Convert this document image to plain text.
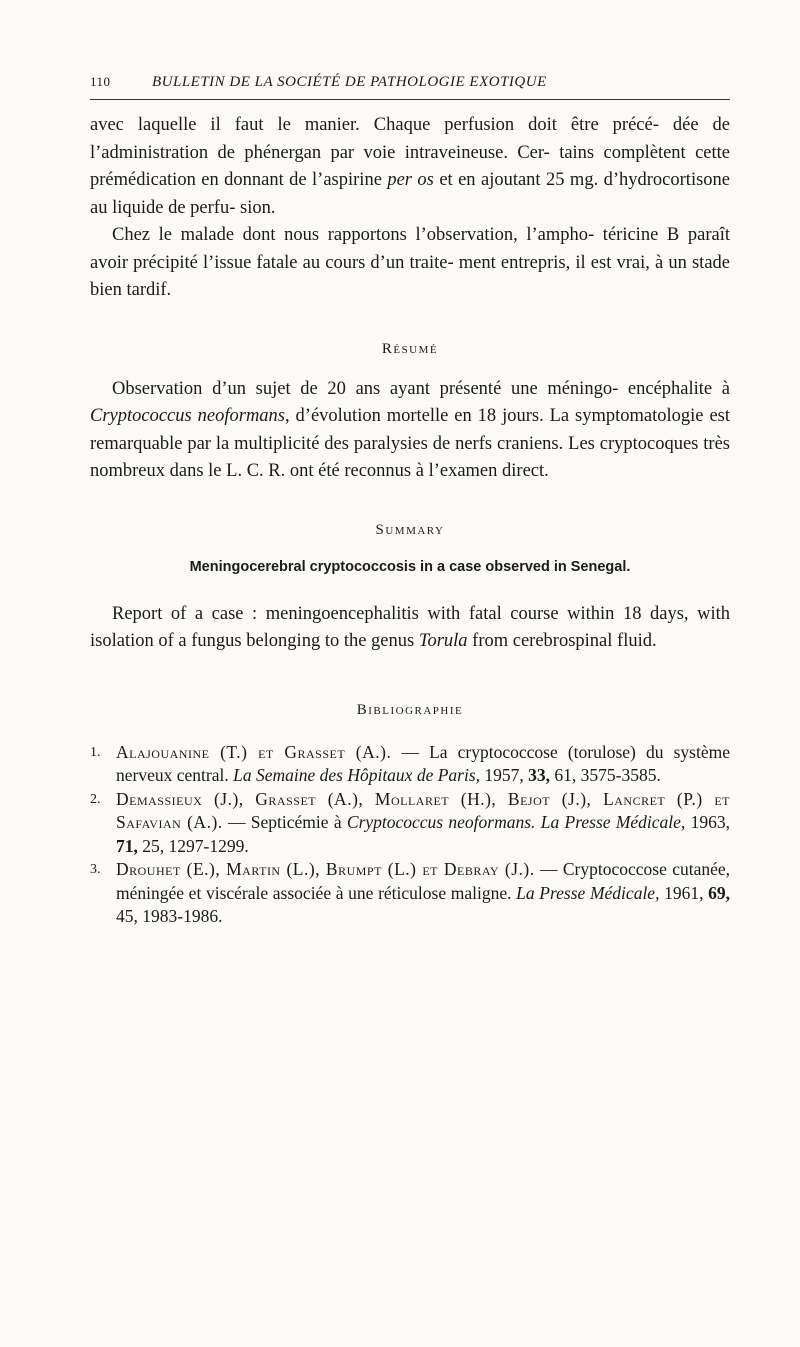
110	BULLETIN DE LA SOCIÉTÉ DE PATHOLOGIE EXOTIQUE

avec laquelle il faut le manier. Chaque perfusion doit être précé- dée de l’administration de phénergan par voie intraveineuse. Cer- tains complètent cette prémédication en donnant de l’aspirine per os et en ajoutant 25 mg. d’hydrocortisone au liquide de perfu- sion.

Chez le malade dont nous rapportons l’observation, l’ampho- téricine B paraît avoir précipité l’issue fatale au cours d’un traite- ment entrepris, il est vrai, à un stade bien tardif.

Résumé

Observation d’un sujet de 20 ans ayant présenté une méningo- encéphalite à Cryptococcus neoformans, d’évolution mortelle en 18 jours. La symptomatologie est remarquable par la multiplicité des paralysies de nerfs craniens. Les cryptocoques très nombreux dans le L. C. R. ont été reconnus à l’examen direct.

Summary

Meningocerebral cryptococcosis in a case observed in Senegal.

Report of a case : meningoencephalitis with fatal course within 18 days, with isolation of a fungus belonging to the genus Torula from cerebrospinal fluid.

Bibliographie

1. Alajouanine (T.) et Grasset (A.). — La cryptococcose (torulose) du système nerveux central. La Semaine des Hôpitaux de Paris, 1957, 33, 61, 3575-3585.
2. Demassieux (J.), Grasset (A.), Mollaret (H.), Bejot (J.), Lancret (P.) et Safavian (A.). — Septicémie à Cryptococcus neoformans. La Presse Médicale, 1963, 71, 25, 1297-1299.
3. Drouhet (E.), Martin (L.), Brumpt (L.) et Debray (J.). — Cryptococcose cutanée, méningée et viscérale associée à une réticulose maligne. La Presse Médicale, 1961, 69, 45, 1983-1986.
